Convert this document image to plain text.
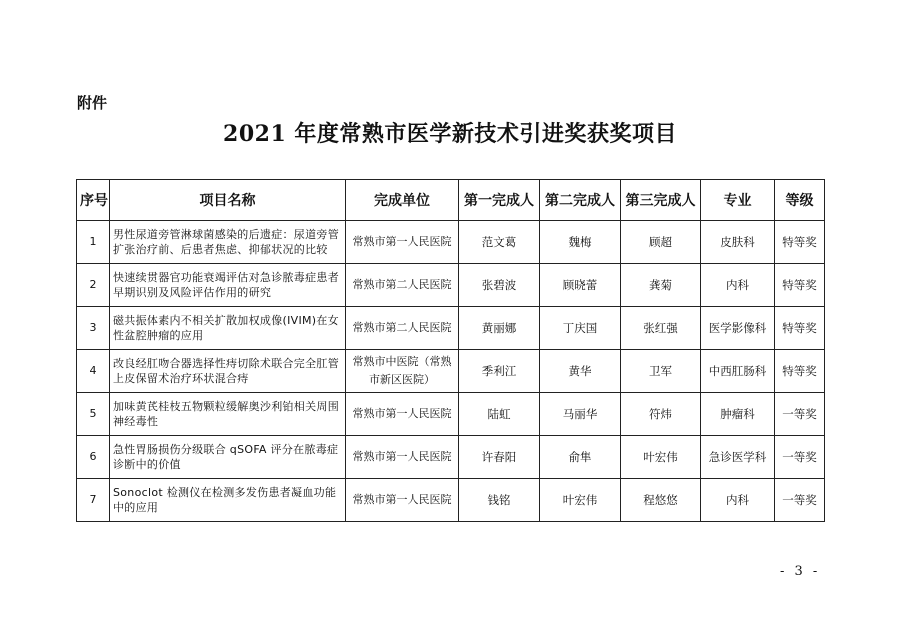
附件
2021 年度常熟市医学新技术引进奖获奖项目
序号	项目名称	完成单位	第一完成人	第二完成人	第三完成人	专业	等级
1	男性尿道旁管淋球菌感染的后遗症：尿道旁管扩张治疗前、后患者焦虑、抑郁状况的比较	常熟市第一人民医院	范文葛	魏梅	顾超	皮肤科	特等奖
2	快速续贯器官功能衰竭评估对急诊脓毒症患者早期识别及风险评估作用的研究	常熟市第二人民医院	张碧波	顾晓蕾	龚菊	内科	特等奖
3	磁共振体素内不相关扩散加权成像(IVIM)在女性盆腔肿瘤的应用	常熟市第二人民医院	黄丽娜	丁庆国	张红强	医学影像科	特等奖
4	改良经肛吻合器选择性痔切除术联合完全肛管上皮保留术治疗环状混合痔	常熟市中医院（常熟市新区医院）	季利江	黄华	卫军	中西肛肠科	特等奖
5	加味黄芪桂枝五物颗粒缓解奥沙利铂相关周围神经毒性	常熟市第一人民医院	陆虹	马丽华	符炜	肿瘤科	一等奖
6	急性胃肠损伤分级联合 qSOFA 评分在脓毒症诊断中的价值	常熟市第一人民医院	许春阳	俞隼	叶宏伟	急诊医学科	一等奖
7	Sonoclot 检测仪在检测多发伤患者凝血功能中的应用	常熟市第一人民医院	钱铭	叶宏伟	程悠悠	内科	一等奖
- 3 -
